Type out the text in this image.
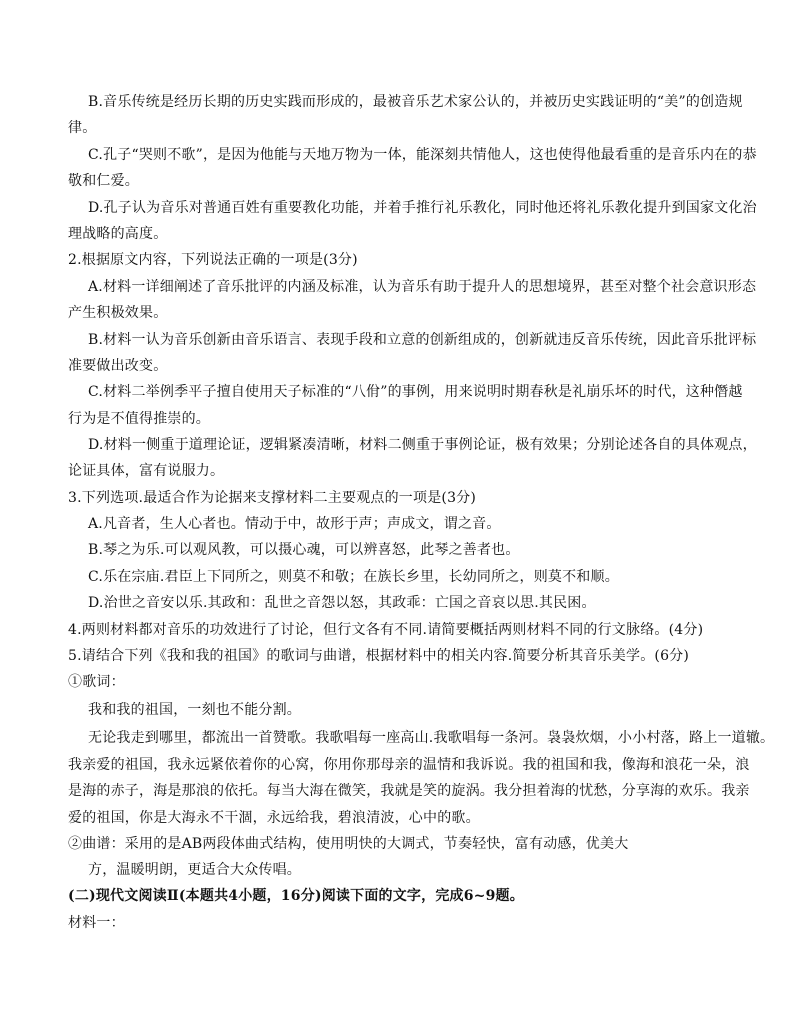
B.音乐传统是经历长期的历史实践而形成的，最被音乐艺术家公认的，并被历史实践证明的“美”的创造规
律。
C.孔子“哭则不歌”，是因为他能与天地万物为一体，能深刻共情他人，这也使得他最看重的是音乐内在的恭
敬和仁爱。
D.孔子认为音乐对普通百姓有重要教化功能，并着手推行礼乐教化，同时他还将礼乐教化提升到国家文化治
理战略的高度。
2.根据原文内容，下列说法正确的一项是(3分)
A.材料一详细阐述了音乐批评的内涵及标准，认为音乐有助于提升人的思想境界，甚至对整个社会意识形态
产生积极效果。
B.材料一认为音乐创新由音乐语言、表现手段和立意的创新组成的，创新就违反音乐传统，因此音乐批评标
准要做出改变。
C.材料二举例季平子擅自使用天子标准的“八佾”的事例，用来说明时期春秋是礼崩乐坏的时代，这种僭越
行为是不值得推崇的。
D.材料一侧重于道理论证，逻辑紧凑清晰，材料二侧重于事例论证，极有效果；分别论述各自的具体观点，
论证具体，富有说服力。
3.下列选项.最适合作为论据来支撑材料二主要观点的一项是(3分)
A.凡音者，生人心者也。情动于中，故形于声；声成文，谓之音。
B.琴之为乐.可以观风教，可以摄心魂，可以辨喜怒，此琴之善者也。
C.乐在宗庙.君臣上下同所之，则莫不和敬；在族长乡里，长幼同所之，则莫不和顺。
D.治世之音安以乐.其政和：乱世之音怨以怒，其政乖：亡国之音哀以思.其民困。
4.两则材料都对音乐的功效进行了讨论，但行文各有不同.请简要概括两则材料不同的行文脉络。(4分)
5.请结合下列《我和我的祖国》的歌词与曲谱，根据材料中的相关内容.简要分析其音乐美学。(6分)
①歌词：
我和我的祖国，一刻也不能分割。
无论我走到哪里，都流出一首赞歌。我歌唱每一座高山.我歌唱每一条河。袅袅炊烟，小小村落，路上一道辙。
我亲爱的祖国，我永远紧依着你的心窝，你用你那母亲的温情和我诉说。我的祖国和我，像海和浪花一朵，浪
是海的赤子，海是那浪的依托。每当大海在微笑，我就是笑的旋涡。我分担着海的忧愁，分享海的欢乐。我亲
爱的祖国，你是大海永不干涸，永远给我，碧浪清波，心中的歌。
②曲谱：采用的是AB两段体曲式结构，使用明快的大调式，节奏轻快，富有动感，优美大
方，温暖明朗，更适合大众传唱。
(二)现代文阅读Ⅱ(本题共4小题，16分)阅读下面的文字，完成6~9题。
材料一：
